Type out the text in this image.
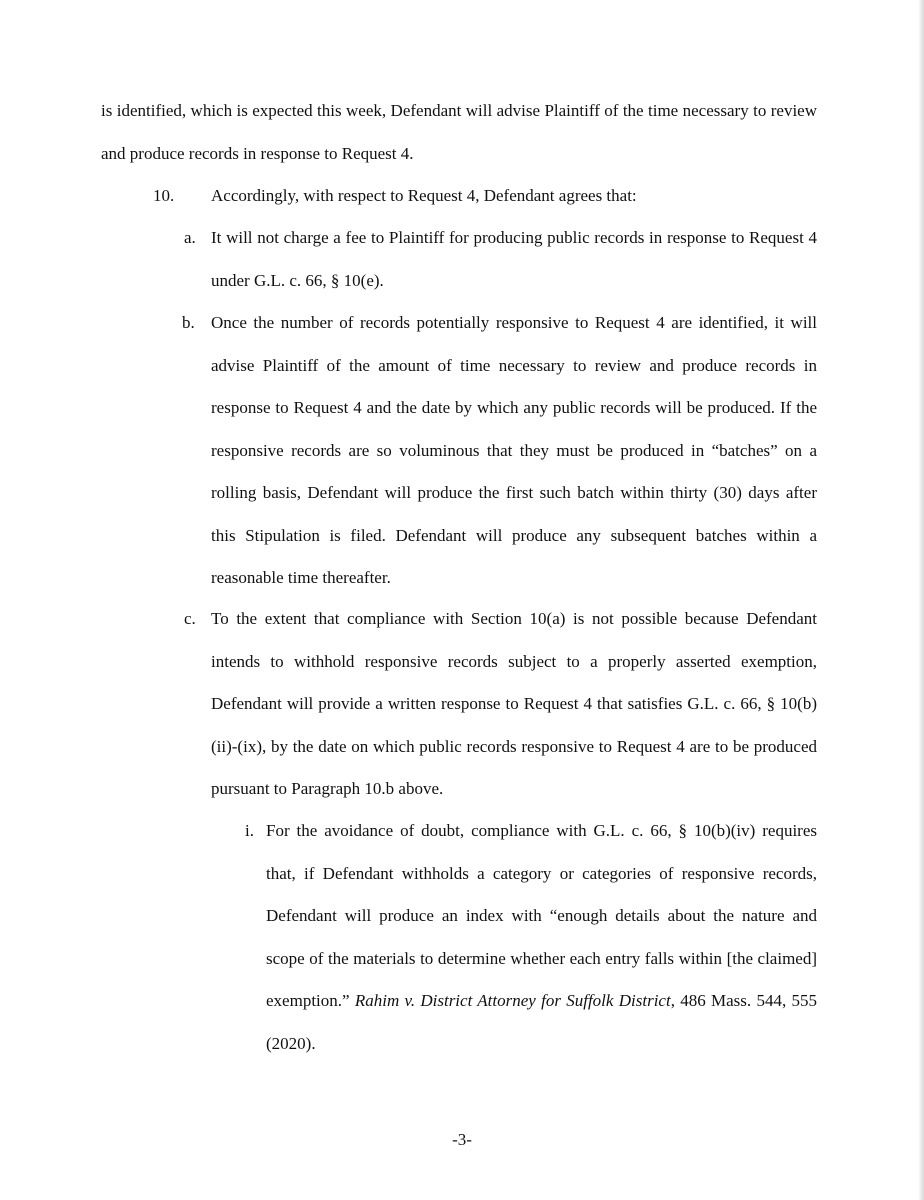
is identified, which is expected this week, Defendant will advise Plaintiff of the time necessary to review and produce records in response to Request 4.

10. Accordingly, with respect to Request 4, Defendant agrees that:

a. It will not charge a fee to Plaintiff for producing public records in response to Request 4 under G.L. c. 66, § 10(e).

b. Once the number of records potentially responsive to Request 4 are identified, it will advise Plaintiff of the amount of time necessary to review and produce records in response to Request 4 and the date by which any public records will be produced. If the responsive records are so voluminous that they must be produced in “batches” on a rolling basis, Defendant will produce the first such batch within thirty (30) days after this Stipulation is filed. Defendant will produce any subsequent batches within a reasonable time thereafter.

c. To the extent that compliance with Section 10(a) is not possible because Defendant intends to withhold responsive records subject to a properly asserted exemption, Defendant will provide a written response to Request 4 that satisfies G.L. c. 66, § 10(b)(ii)-(ix), by the date on which public records responsive to Request 4 are to be produced pursuant to Paragraph 10.b above.

i. For the avoidance of doubt, compliance with G.L. c. 66, § 10(b)(iv) requires that, if Defendant withholds a category or categories of responsive records, Defendant will produce an index with “enough details about the nature and scope of the materials to determine whether each entry falls within [the claimed] exemption.” Rahim v. District Attorney for Suffolk District, 486 Mass. 544, 555 (2020).

-3-
